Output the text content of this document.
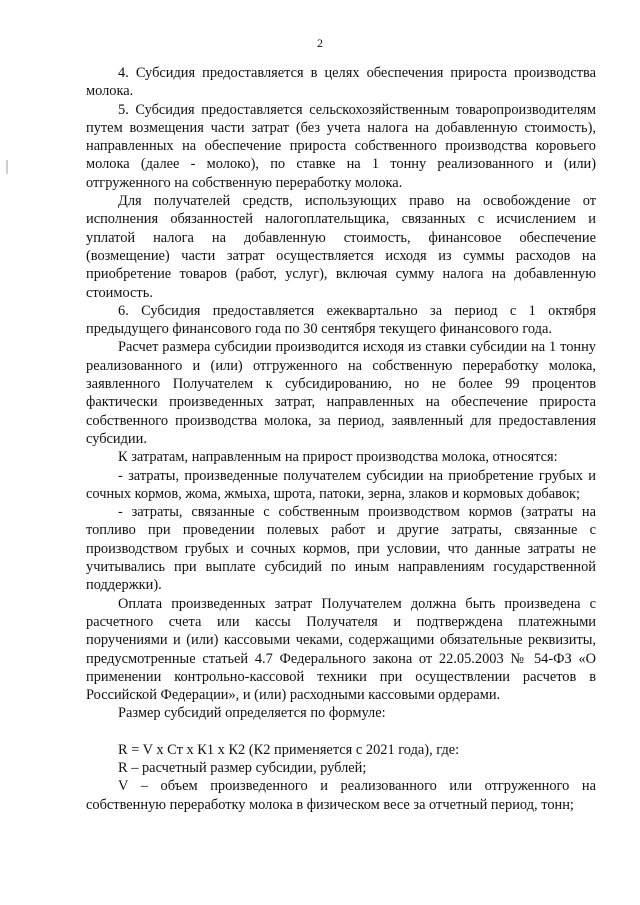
2

4. Субсидия предоставляется в целях обеспечения прироста производства молока.

5. Субсидия предоставляется сельскохозяйственным товаропроизводителям путем возмещения части затрат (без учета налога на добавленную стоимость), направленных на обеспечение прироста собственного производства коровьего молока (далее - молоко), по ставке на 1 тонну реализованного и (или) отгруженного на собственную переработку молока.

Для получателей средств, использующих право на освобождение от исполнения обязанностей налогоплательщика, связанных с исчислением и уплатой налога на добавленную стоимость, финансовое обеспечение (возмещение) части затрат осуществляется исходя из суммы расходов на приобретение товаров (работ, услуг), включая сумму налога на добавленную стоимость.

6. Субсидия предоставляется ежеквартально за период с 1 октября предыдущего финансового года по 30 сентября текущего финансового года.

Расчет размера субсидии производится исходя из ставки субсидии на 1 тонну реализованного и (или) отгруженного на собственную переработку молока, заявленного Получателем к субсидированию, но не более 99 процентов фактически произведенных затрат, направленных на обеспечение прироста собственного производства молока, за период, заявленный для предоставления субсидии.

К затратам, направленным на прирост производства молока, относятся:

- затраты, произведенные получателем субсидии на приобретение грубых и сочных кормов, жома, жмыха, шрота, патоки, зерна, злаков и кормовых добавок;

- затраты, связанные с собственным производством кормов (затраты на топливо при проведении полевых работ и другие затраты, связанные с производством грубых и сочных кормов, при условии, что данные затраты не учитывались при выплате субсидий по иным направлениям государственной поддержки).

Оплата произведенных затрат Получателем должна быть произведена с расчетного счета или кассы Получателя и подтверждена платежными поручениями и (или) кассовыми чеками, содержащими обязательные реквизиты, предусмотренные статьей 4.7 Федерального закона от 22.05.2003 № 54-ФЗ «О применении контрольно-кассовой техники при осуществлении расчетов в Российской Федерации», и (или) расходными кассовыми ордерами.

Размер субсидий определяется по формуле:

R = V x Ст x К1 x К2 (К2 применяется с 2021 года), где:

R – расчетный размер субсидии, рублей;

V – объем произведенного и реализованного или отгруженного на собственную переработку молока в физическом весе за отчетный период, тонн;
